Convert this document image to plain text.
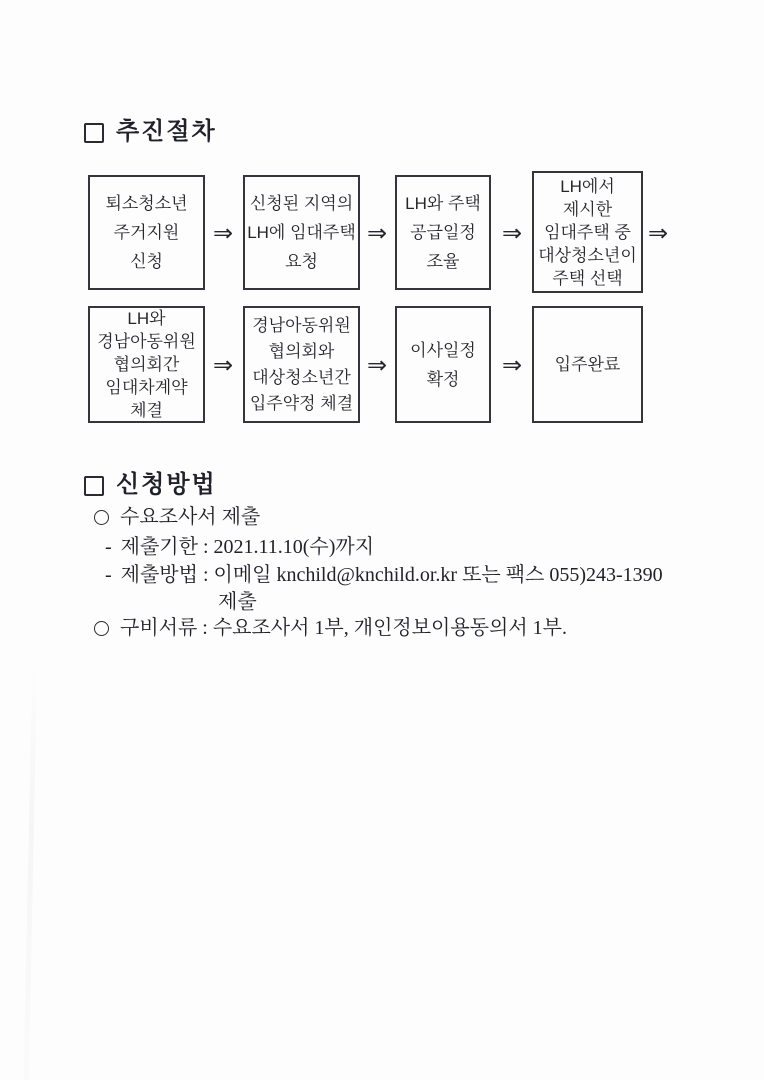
추진절차
퇴소청소년
주거지원
신청
⇒
신청된 지역의
LH에 임대주택
요청
⇒
LH와 주택
공급일정
조율
⇒
LH에서
제시한
임대주택 중
대상청소년이
주택 선택
⇒
LH와
경남아동위원
협의회간
임대차계약
체결
⇒
경남아동위원
협의회와
대상청소년간
입주약정 체결
⇒
이사일정
확정	⇒	입주완료
신청방법
수요조사서 제출
- 제출기한 : 2021.11.10(수)까지
- 제출방법 : 이메일 knchild@knchild.or.kr 또는 팩스 055)243-1390
제출
구비서류 : 수요조사서 1부, 개인정보이용동의서 1부.
